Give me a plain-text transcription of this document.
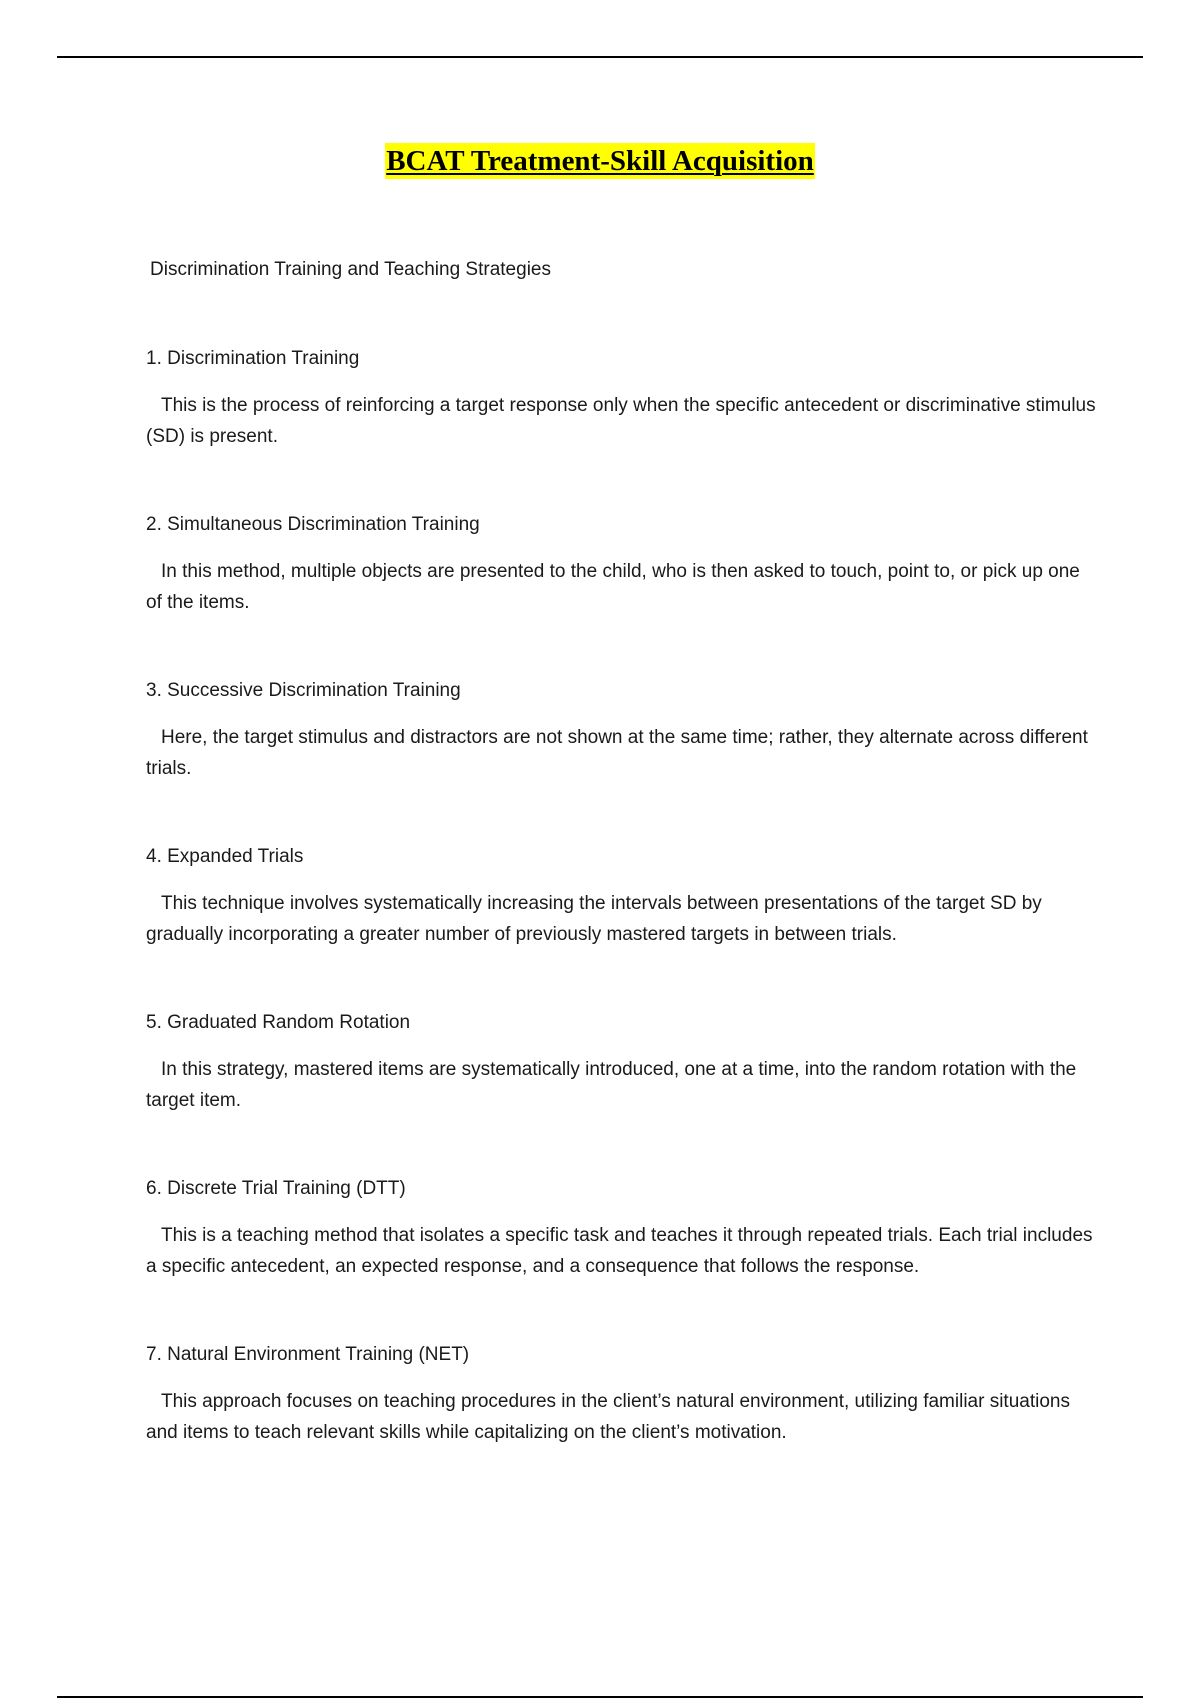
BCAT Treatment-Skill Acquisition
Discrimination Training and Teaching Strategies

1. Discrimination Training

This is the process of reinforcing a target response only when the specific antecedent or discriminative stimulus (SD) is present.

2. Simultaneous Discrimination Training

In this method, multiple objects are presented to the child, who is then asked to touch, point to, or pick up one of the items.

3. Successive Discrimination Training

Here, the target stimulus and distractors are not shown at the same time; rather, they alternate across different trials.

4. Expanded Trials

This technique involves systematically increasing the intervals between presentations of the target SD by gradually incorporating a greater number of previously mastered targets in between trials.

5. Graduated Random Rotation

In this strategy, mastered items are systematically introduced, one at a time, into the random rotation with the target item.

6. Discrete Trial Training (DTT)

This is a teaching method that isolates a specific task and teaches it through repeated trials. Each trial includes a specific antecedent, an expected response, and a consequence that follows the response.

7. Natural Environment Training (NET)

This approach focuses on teaching procedures in the client’s natural environment, utilizing familiar situations and items to teach relevant skills while capitalizing on the client’s motivation.
